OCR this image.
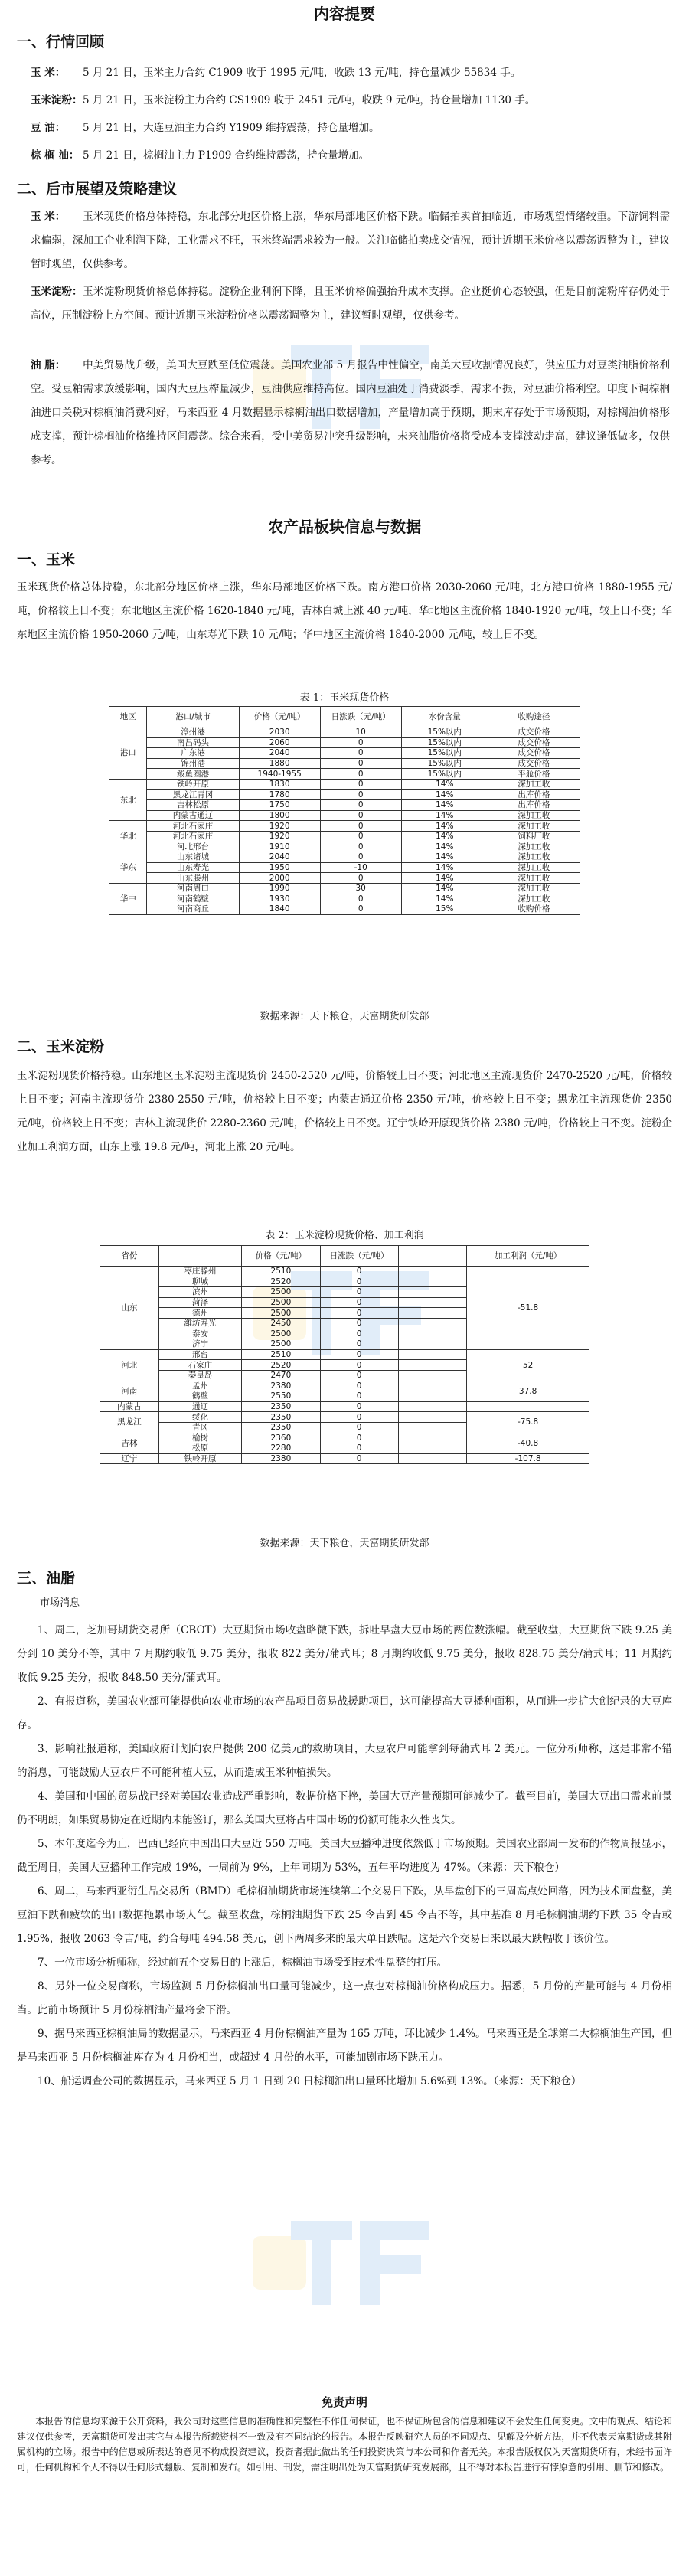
内容提要
一、行情回顾
玉 米： 5 月 21 日，玉米主力合约 C1909 收于 1995 元/吨，收跌 13 元/吨，持仓量减少 55834 手。
玉米淀粉：5 月 21 日，玉米淀粉主力合约 CS1909 收于 2451 元/吨，收跌 9 元/吨，持仓量增加 1130 手。
豆 油： 5 月 21 日，大连豆油主力合约 Y1909 维持震荡，持仓量增加。
棕 榈 油： 5 月 21 日，棕榈油主力 P1909 合约维持震荡，持仓量增加。
二、后市展望及策略建议
玉 米： 玉米现货价格总体持稳，东北部分地区价格上涨，华东局部地区价格下跌。临储拍卖首拍临近，市场观望情绪较重。下游饲料需求偏弱，深加工企业利润下降，工业需求不旺，玉米终端需求较为一般。关注临储拍卖成交情况，预计近期玉米价格以震荡调整为主，建议暂时观望，仅供参考。
玉米淀粉：玉米淀粉现货价格总体持稳。淀粉企业利润下降，且玉米价格偏强抬升成本支撑。企业挺价心态较强，但是目前淀粉库存仍处于高位，压制淀粉上方空间。预计近期玉米淀粉价格以震荡调整为主，建议暂时观望，仅供参考。
油 脂： 中美贸易战升级，美国大豆跌至低位震荡。美国农业部 5 月报告中性偏空，南美大豆收割情况良好，供应压力对豆类油脂价格利空。受豆粕需求放缓影响，国内大豆压榨量减少，豆油供应维持高位。国内豆油处于消费淡季，需求不振，对豆油价格利空。印度下调棕榈油进口关税对棕榈油消费利好，马来西亚 4 月数据显示棕榈油出口数据增加，产量增加高于预期，期末库存处于市场预期，对棕榈油价格形成支撑，预计棕榈油价格维持区间震荡。综合来看，受中美贸易冲突升级影响，未来油脂价格将受成本支撑波动走高，建议逢低做多，仅供参考。
农产品板块信息与数据
一、玉米
玉米现货价格总体持稳，东北部分地区价格上涨，华东局部地区价格下跌。南方港口价格 2030-2060 元/吨，北方港口价格 1880-1955 元/吨，价格较上日不变；东北地区主流价格 1620-1840 元/吨，吉林白城上涨 40 元/吨，华北地区主流价格 1840-1920 元/吨，较上日不变；华东地区主流价格 1950-2060 元/吨，山东寿光下跌 10 元/吨；华中地区主流价格 1840-2000 元/吨，较上日不变。
表 1：玉米现货价格
地区	港口/城市	价格（元/吨）	日涨跌（元/吨）	水份含量	收购途径
港口	漳州港	2030	10	15%以内	成交价格
	南昌码头	2060	0	15%以内	成交价格
	广东港	2040	0	15%以内	成交价格
	锦州港	1880	0	15%以内	成交价格
	鲅鱼圈港	1940-1955	0	15%以内	平舱价格
东北	铁岭开原	1830	0	14%	深加工收
	黑龙江青冈	1780	0	14%	出库价格
	吉林松原	1750	0	14%	出库价格
	内蒙古通辽	1800	0	14%	深加工收
华北	河北石家庄	1920	0	14%	深加工收
	河北石家庄	1920	0	14%	饲料厂收
	河北邢台	1910	0	14%	深加工收
华东	山东诸城	2040	0	14%	深加工收
	山东寿光	1950	-10	14%	深加工收
	山东滕州	2000	0	14%	深加工收
华中	河南周口	1990	30	14%	深加工收
	河南鹤壁	1930	0	14%	深加工收
	河南商丘	1840	0	15%	收购价格
数据来源：天下粮仓，天富期货研发部
二、玉米淀粉
玉米淀粉现货价格持稳。山东地区玉米淀粉主流现货价 2450-2520 元/吨，价格较上日不变；河北地区主流现货价 2470-2520 元/吨，价格较上日不变；河南主流现货价 2380-2550 元/吨，价格较上日不变；内蒙古通辽价格 2350 元/吨，价格较上日不变；黑龙江主流现货价 2350 元/吨，价格较上日不变；吉林主流现货价 2280-2360 元/吨，价格较上日不变。辽宁铁岭开原现货价格 2380 元/吨，价格较上日不变。淀粉企业加工利润方面，山东上涨 19.8 元/吨，河北上涨 20 元/吨。
表 2：玉米淀粉现货价格、加工利润
省份		价格（元/吨）	日涨跌（元/吨）		加工利润（元/吨）
山东	枣庄滕州	2510	0		-51.8
	聊城	2520	0		
	滨州	2500	0		
	菏泽	2500	0		
	德州	2500	0		
	潍坊寿光	2450	0		
	泰安	2500	0		
	济宁	2500	0		
河北	邢台	2510	0		52
	石家庄	2520	0		
	秦皇岛	2470	0		
河南	孟州	2380	0		37.8
	鹤壁	2550	0		
内蒙古	通辽	2350	0		
黑龙江	绥化	2350	0		-75.8
	青冈	2350	0		
吉林	榆树	2360	0		-40.8
	松原	2280	0		
辽宁	铁岭开原	2380	0		-107.8
数据来源：天下粮仓，天富期货研发部
三、油脂
市场消息
1、周二，芝加哥期货交易所（CBOT）大豆期货市场收盘略微下跌，拆吐早盘大豆市场的两位数涨幅。截至收盘，大豆期货下跌 9.25 美分到 10 美分不等，其中 7 月期约收低 9.75 美分，报收 822 美分/蒲式耳；8 月期约收低 9.75 美分，报收 828.75 美分/蒲式耳；11 月期约收低 9.25 美分，报收 848.50 美分/蒲式耳。
2、有报道称，美国农业部可能提供向农业市场的农产品项目贸易战援助项目，这可能提高大豆播种面积，从而进一步扩大创纪录的大豆库存。
3、影响社报道称，美国政府计划向农户提供 200 亿美元的救助项目，大豆农户可能拿到每蒲式耳 2 美元。一位分析师称，这是非常不错的消息，可能鼓励大豆农户不可能种植大豆，从而造成玉米种植损失。
4、美国和中国的贸易战已经对美国农业造成严重影响，数据价格下挫，美国大豆产量预期可能减少了。截至目前，美国大豆出口需求前景仍不明朗，如果贸易协定在近期内未能签订，那么美国大豆将占中国市场的份额可能永久性丧失。
5、本年度迄今为止，巴西已经向中国出口大豆近 550 万吨。美国大豆播种进度依然低于市场预期。美国农业部周一发布的作物周报显示，截至周日，美国大豆播种工作完成 19%，一周前为 9%，上年同期为 53%，五年平均进度为 47%。（来源：天下粮仓）
6、周二，马来西亚衍生品交易所（BMD）毛棕榈油期货市场连续第二个交易日下跌，从早盘创下的三周高点处回落，因为技术面盘整，美豆油下跌和疲软的出口数据拖累市场人气。截至收盘，棕榈油期货下跌 25 令吉到 45 令吉不等，其中基准 8 月毛棕榈油期约下跌 35 令吉或 1.95%，报收 2063 令吉/吨，约合每吨 494.58 美元，创下两周多来的最大单日跌幅。这是六个交易日来以最大跌幅收于该价位。
7、一位市场分析师称，经过前五个交易日的上涨后，棕榈油市场受到技术性盘整的打压。
8、另外一位交易商称，市场监测 5 月份棕榈油出口量可能减少，这一点也对棕榈油价格构成压力。据悉，5 月份的产量可能与 4 月份相当。此前市场预计 5 月份棕榈油产量将会下滑。
9、据马来西亚棕榈油局的数据显示，马来西亚 4 月份棕榈油产量为 165 万吨，环比减少 1.4%。马来西亚是全球第二大棕榈油生产国，但是马来西亚 5 月份棕榈油库存为 4 月份相当，或超过 4 月份的水平，可能加剧市场下跌压力。
10、船运调查公司的数据显示，马来西亚 5 月 1 日到 20 日棕榈油出口量环比增加 5.6%到 13%。（来源：天下粮仓）
免责声明
本报告的信息均来源于公开资料，我公司对这些信息的准确性和完整性不作任何保证，也不保证所包含的信息和建议不会发生任何变更。文中的观点、结论和建议仅供参考，天富期货可发出其它与本报告所载资料不一致及有不同结论的报告。本报告反映研究人员的不同观点、见解及分析方法，并不代表天富期货或其附属机构的立场。报告中的信息或所表达的意见不构成投资建议，投资者据此做出的任何投资决策与本公司和作者无关。本报告版权仅为天富期货所有，未经书面许可，任何机构和个人不得以任何形式翻版、复制和发布。如引用、刊发，需注明出处为天富期货研究发展部，且不得对本报告进行有悖原意的引用、删节和修改。
